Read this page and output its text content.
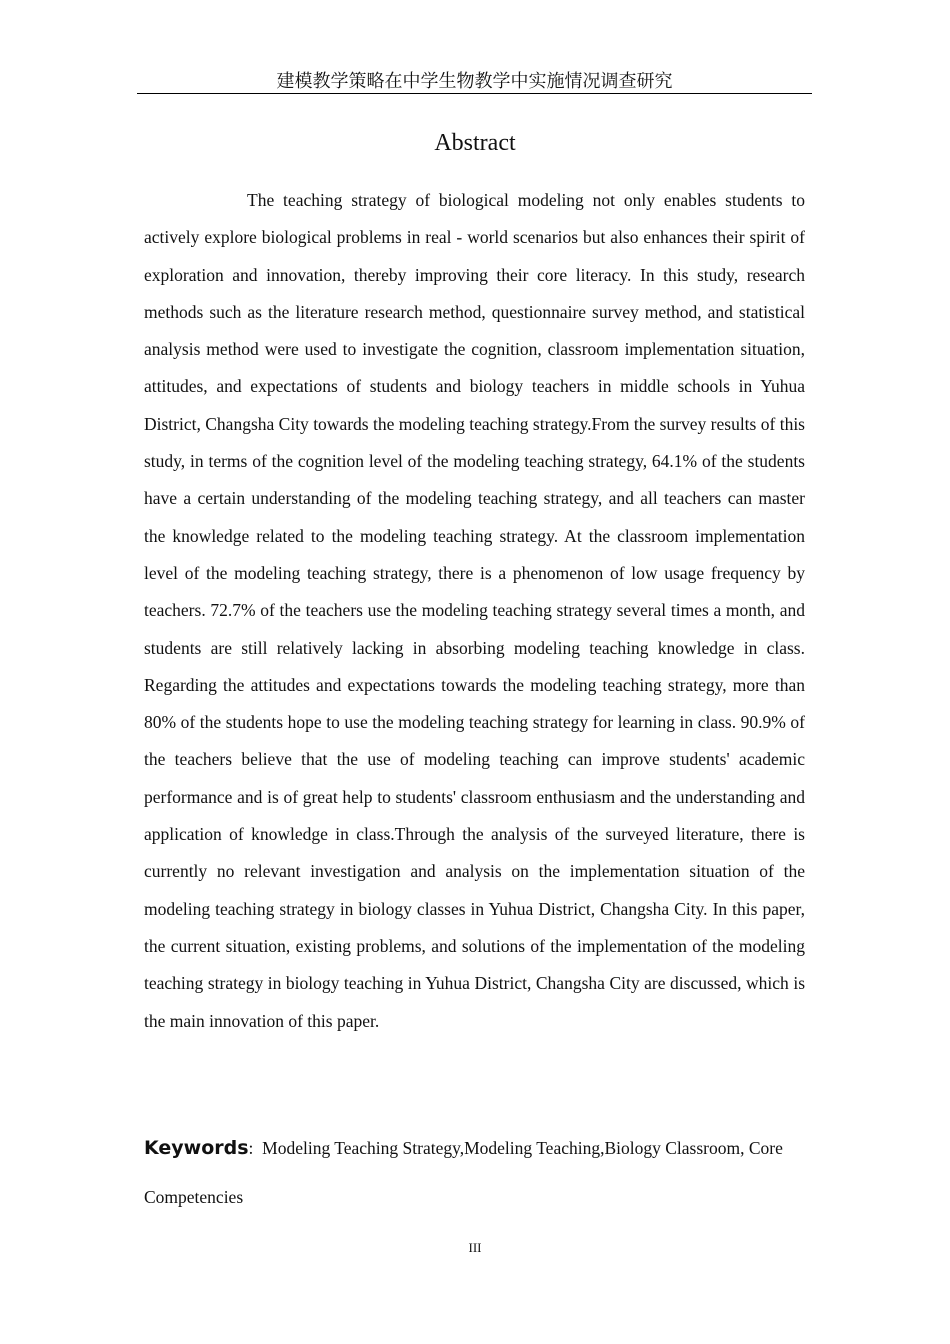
建模教学策略在中学生物教学中实施情况调查研究
Abstract

The teaching strategy of biological modeling not only enables students to actively explore biological problems in real - world scenarios but also enhances their spirit of exploration and innovation, thereby improving their core literacy. In this study, research methods such as the literature research method, questionnaire survey method, and statistical analysis method were used to investigate the cognition, classroom implementation situation, attitudes, and expectations of students and biology teachers in middle schools in Yuhua District, Changsha City towards the modeling teaching strategy.From the survey results of this study, in terms of the cognition level of the modeling teaching strategy, 64.1% of the students have a certain understanding of the modeling teaching strategy, and all teachers can master the knowledge related to the modeling teaching strategy. At the classroom implementation level of the modeling teaching strategy, there is a phenomenon of low usage frequency by teachers. 72.7% of the teachers use the modeling teaching strategy several times a month, and students are still relatively lacking in absorbing modeling teaching knowledge in class. Regarding the attitudes and expectations towards the modeling teaching strategy, more than 80% of the students hope to use the modeling teaching strategy for learning in class. 90.9% of the teachers believe that the use of modeling teaching can improve students' academic performance and is of great help to students' classroom enthusiasm and the understanding and application of knowledge in class.Through the analysis of the surveyed literature, there is currently no relevant investigation and analysis on the implementation situation of the modeling teaching strategy in biology classes in Yuhua District, Changsha City. In this paper, the current situation, existing problems, and solutions of the implementation of the modeling teaching strategy in biology teaching in Yuhua District, Changsha City are discussed, which is the main innovation of this paper.

Keywords: Modeling Teaching Strategy,Modeling Teaching,Biology Classroom, Core Competencies

III
